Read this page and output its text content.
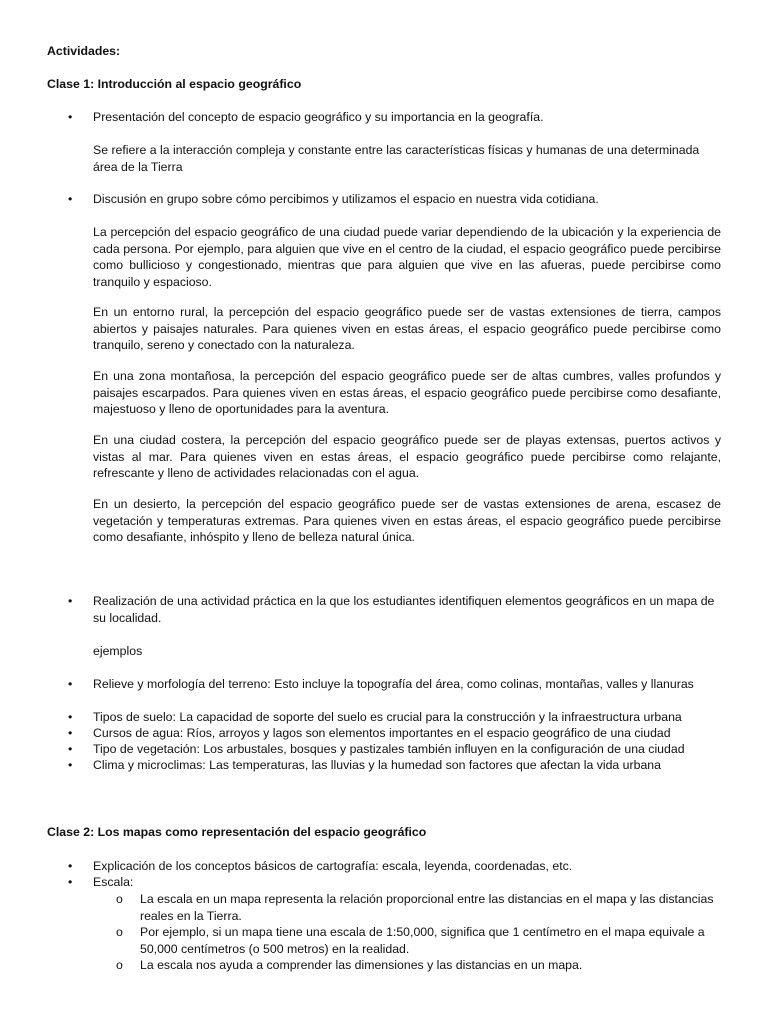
Actividades:
Clase 1: Introducción al espacio geográfico
• Presentación del concepto de espacio geográfico y su importancia en la geografía.
Se refiere a la interacción compleja y constante entre las características físicas y humanas de una determinada área de la Tierra
• Discusión en grupo sobre cómo percibimos y utilizamos el espacio en nuestra vida cotidiana.
La percepción del espacio geográfico de una ciudad puede variar dependiendo de la ubicación y la experiencia de cada persona. Por ejemplo, para alguien que vive en el centro de la ciudad, el espacio geográfico puede percibirse como bullicioso y congestionado, mientras que para alguien que vive en las afueras, puede percibirse como tranquilo y espacioso.
En un entorno rural, la percepción del espacio geográfico puede ser de vastas extensiones de tierra, campos abiertos y paisajes naturales. Para quienes viven en estas áreas, el espacio geográfico puede percibirse como tranquilo, sereno y conectado con la naturaleza.
En una zona montañosa, la percepción del espacio geográfico puede ser de altas cumbres, valles profundos y paisajes escarpados. Para quienes viven en estas áreas, el espacio geográfico puede percibirse como desafiante, majestuoso y lleno de oportunidades para la aventura.
En una ciudad costera, la percepción del espacio geográfico puede ser de playas extensas, puertos activos y vistas al mar. Para quienes viven en estas áreas, el espacio geográfico puede percibirse como relajante, refrescante y lleno de actividades relacionadas con el agua.
En un desierto, la percepción del espacio geográfico puede ser de vastas extensiones de arena, escasez de vegetación y temperaturas extremas. Para quienes viven en estas áreas, el espacio geográfico puede percibirse como desafiante, inhóspito y lleno de belleza natural única.
• Realización de una actividad práctica en la que los estudiantes identifiquen elementos geográficos en un mapa de su localidad.
ejemplos
• Relieve y morfología del terreno: Esto incluye la topografía del área, como colinas, montañas, valles y llanuras
• Tipos de suelo: La capacidad de soporte del suelo es crucial para la construcción y la infraestructura urbana
• Cursos de agua: Ríos, arroyos y lagos son elementos importantes en el espacio geográfico de una ciudad
• Tipo de vegetación: Los arbustales, bosques y pastizales también influyen en la configuración de una ciudad
• Clima y microclimas: Las temperaturas, las lluvias y la humedad son factores que afectan la vida urbana
Clase 2: Los mapas como representación del espacio geográfico
• Explicación de los conceptos básicos de cartografía: escala, leyenda, coordenadas, etc.
• Escala:
o La escala en un mapa representa la relación proporcional entre las distancias en el mapa y las distancias reales en la Tierra.
o Por ejemplo, si un mapa tiene una escala de 1:50,000, significa que 1 centímetro en el mapa equivale a 50,000 centímetros (o 500 metros) en la realidad.
o La escala nos ayuda a comprender las dimensiones y las distancias en un mapa.
